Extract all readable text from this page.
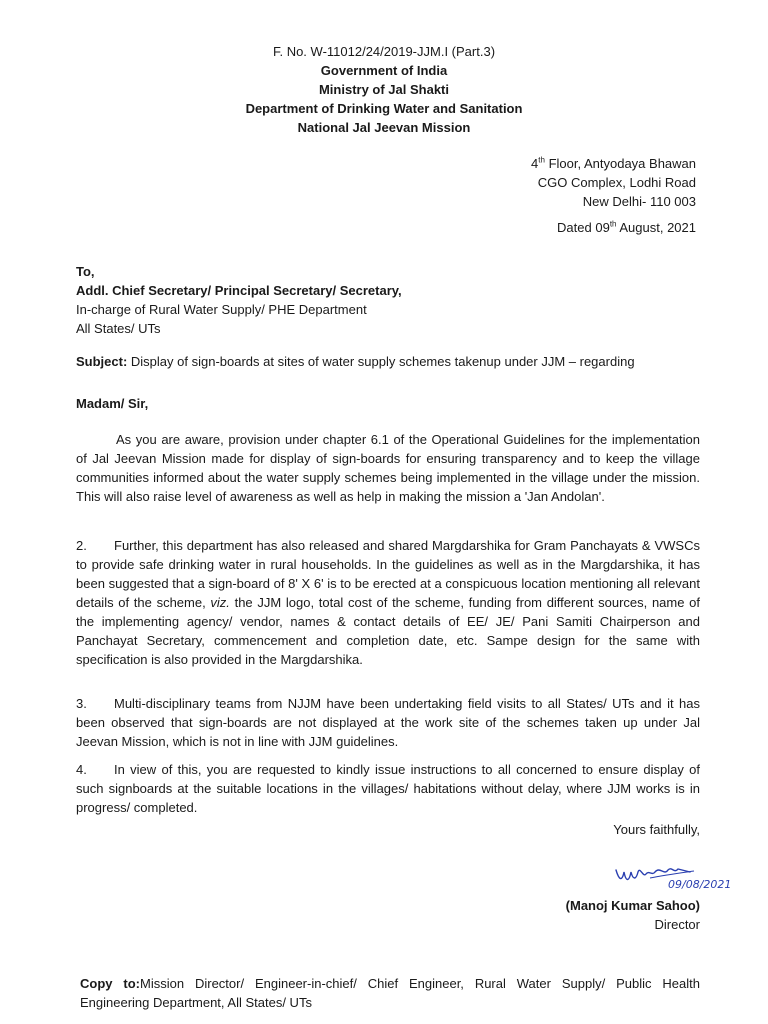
F. No. W-11012/24/2019-JJM.I (Part.3)
Government of India
Ministry of Jal Shakti
Department of Drinking Water and Sanitation
National Jal Jeevan Mission
4th Floor, Antyodaya Bhawan
CGO Complex, Lodhi Road
New Delhi- 110 003
Dated 09th August, 2021
To,
Addl. Chief Secretary/ Principal Secretary/ Secretary,
In-charge of Rural Water Supply/ PHE Department
All States/ UTs
Subject: Display of sign-boards at sites of water supply schemes takenup under JJM – regarding
Madam/ Sir,
As you are aware, provision under chapter 6.1 of the Operational Guidelines for the implementation of Jal Jeevan Mission made for display of sign-boards for ensuring transparency and to keep the village communities informed about the water supply schemes being implemented in the village under the mission. This will also raise level of awareness as well as help in making the mission a 'Jan Andolan'.
2. Further, this department has also released and shared Margdarshika for Gram Panchayats & VWSCs to provide safe drinking water in rural households. In the guidelines as well as in the Margdarshika, it has been suggested that a sign-board of 8' X 6' is to be erected at a conspicuous location mentioning all relevant details of the scheme, viz. the JJM logo, total cost of the scheme, funding from different sources, name of the implementing agency/ vendor, names & contact details of EE/ JE/ Pani Samiti Chairperson and Panchayat Secretary, commencement and completion date, etc. Sampe design for the same with specification is also provided in the Margdarshika.
3. Multi-disciplinary teams from NJJM have been undertaking field visits to all States/ UTs and it has been observed that sign-boards are not displayed at the work site of the schemes taken up under Jal Jeevan Mission, which is not in line with JJM guidelines.
4. In view of this, you are requested to kindly issue instructions to all concerned to ensure display of such signboards at the suitable locations in the villages/ habitations without delay, where JJM works is in progress/ completed.
Yours faithfully,
09/08/2021
(Manoj Kumar Sahoo)
Director
Copy to:Mission Director/ Engineer-in-chief/ Chief Engineer, Rural Water Supply/ Public Health Engineering Department, All States/ UTs
